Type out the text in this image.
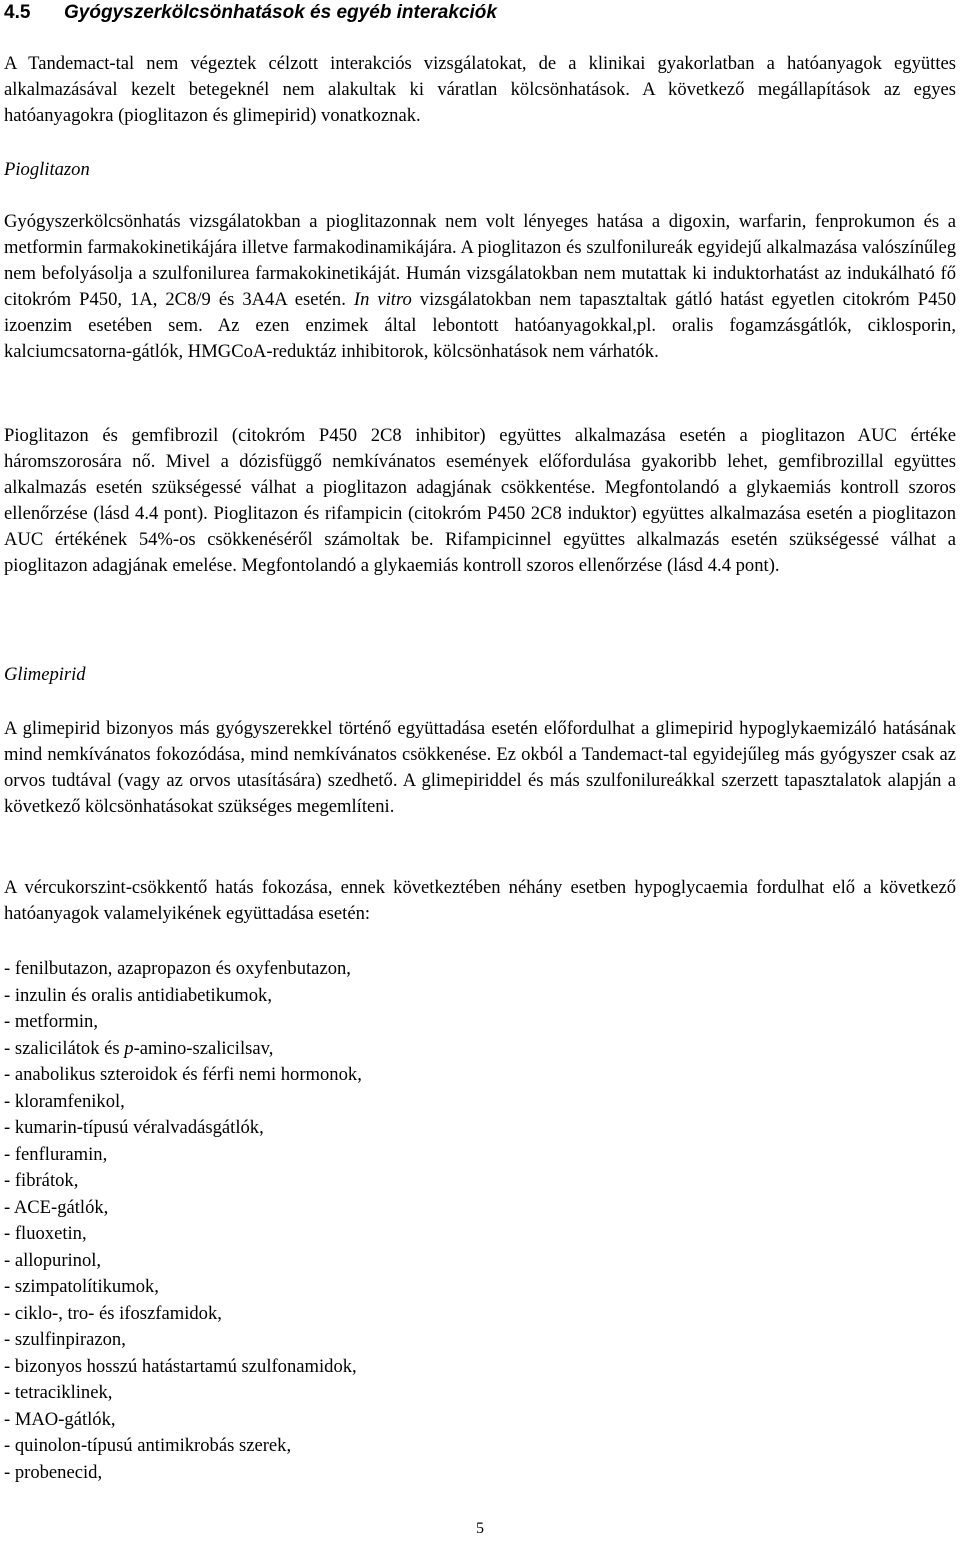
4.5 Gyógyszerkölcsönhatások és egyéb interakciók

A Tandemact-tal nem végeztek célzott interakciós vizsgálatokat, de a klinikai gyakorlatban a hatóanyagok együttes alkalmazásával kezelt betegeknél nem alakultak ki váratlan kölcsönhatások. A következő megállapítások az egyes hatóanyagokra (pioglitazon és glimepirid) vonatkoznak.

Pioglitazon

Gyógyszerkölcsönhatás vizsgálatokban a pioglitazonnak nem volt lényeges hatása a digoxin, warfarin, fenprokumon és a metformin farmakokinetikájára illetve farmakodinamikájára. A pioglitazon és szulfonilureák egyidejű alkalmazása valószínűleg nem befolyásolja a szulfonilurea farmakokinetikáját. Humán vizsgálatokban nem mutattak ki induktorhatást az indukálható fő citokróm P450, 1A, 2C8/9 és 3A4A esetén. In vitro vizsgálatokban nem tapasztaltak gátló hatást egyetlen citokróm P450 izoenzim esetében sem. Az ezen enzimek által lebontott hatóanyagokkal,pl. oralis fogamzásgátlók, ciklosporin, kalciumcsatorna-gátlók, HMGCoA-reduktáz inhibitorok, kölcsönhatások nem várhatók.

Pioglitazon és gemfibrozil (citokróm P450 2C8 inhibitor) együttes alkalmazása esetén a pioglitazon AUC értéke háromszorosára nő. Mivel a dózisfüggő nemkívánatos események előfordulása gyakoribb lehet, gemfibrozillal együttes alkalmazás esetén szükségessé válhat a pioglitazon adagjának csökkentése. Megfontolandó a glykaemiás kontroll szoros ellenőrzése (lásd 4.4 pont). Pioglitazon és rifampicin (citokróm P450 2C8 induktor) együttes alkalmazása esetén a pioglitazon AUC értékének 54%-os csökkenéséről számoltak be. Rifampicinnel együttes alkalmazás esetén szükségessé válhat a pioglitazon adagjának emelése. Megfontolandó a glykaemiás kontroll szoros ellenőrzése (lásd 4.4 pont).

Glimepirid

A glimepirid bizonyos más gyógyszerekkel történő együttadása esetén előfordulhat a glimepirid hypoglykaemizáló hatásának mind nemkívánatos fokozódása, mind nemkívánatos csökkenése. Ez okból a Tandemact-tal egyidejűleg más gyógyszer csak az orvos tudtával (vagy az orvos utasítására) szedhető. A glimepiriddel és más szulfonilureákkal szerzett tapasztalatok alapján a következő kölcsönhatásokat szükséges megemlíteni.

A vércukorszint-csökkentő hatás fokozása, ennek következtében néhány esetben hypoglycaemia fordulhat elő a következő hatóanyagok valamelyikének együttadása esetén:

- fenilbutazon, azapropazon és oxyfenbutazon,
- inzulin és oralis antidiabetikumok,
- metformin,
- szalicilátok és p-amino-szalicilsav,
- anabolikus szteroidok és férfi nemi hormonok,
- kloramfenikol,
- kumarin-típusú véralvadásgátlók,
- fenfluramin,
- fibrátok,
- ACE-gátlók,
- fluoxetin,
- allopurinol,
- szimpatolítikumok,
- ciklo-, tro- és ifoszfamidok,
- szulfinpirazon,
- bizonyos hosszú hatástartamú szulfonamidok,
- tetraciklinek,
- MAO-gátlók,
- quinolon-típusú antimikrobás szerek,
- probenecid,
5
